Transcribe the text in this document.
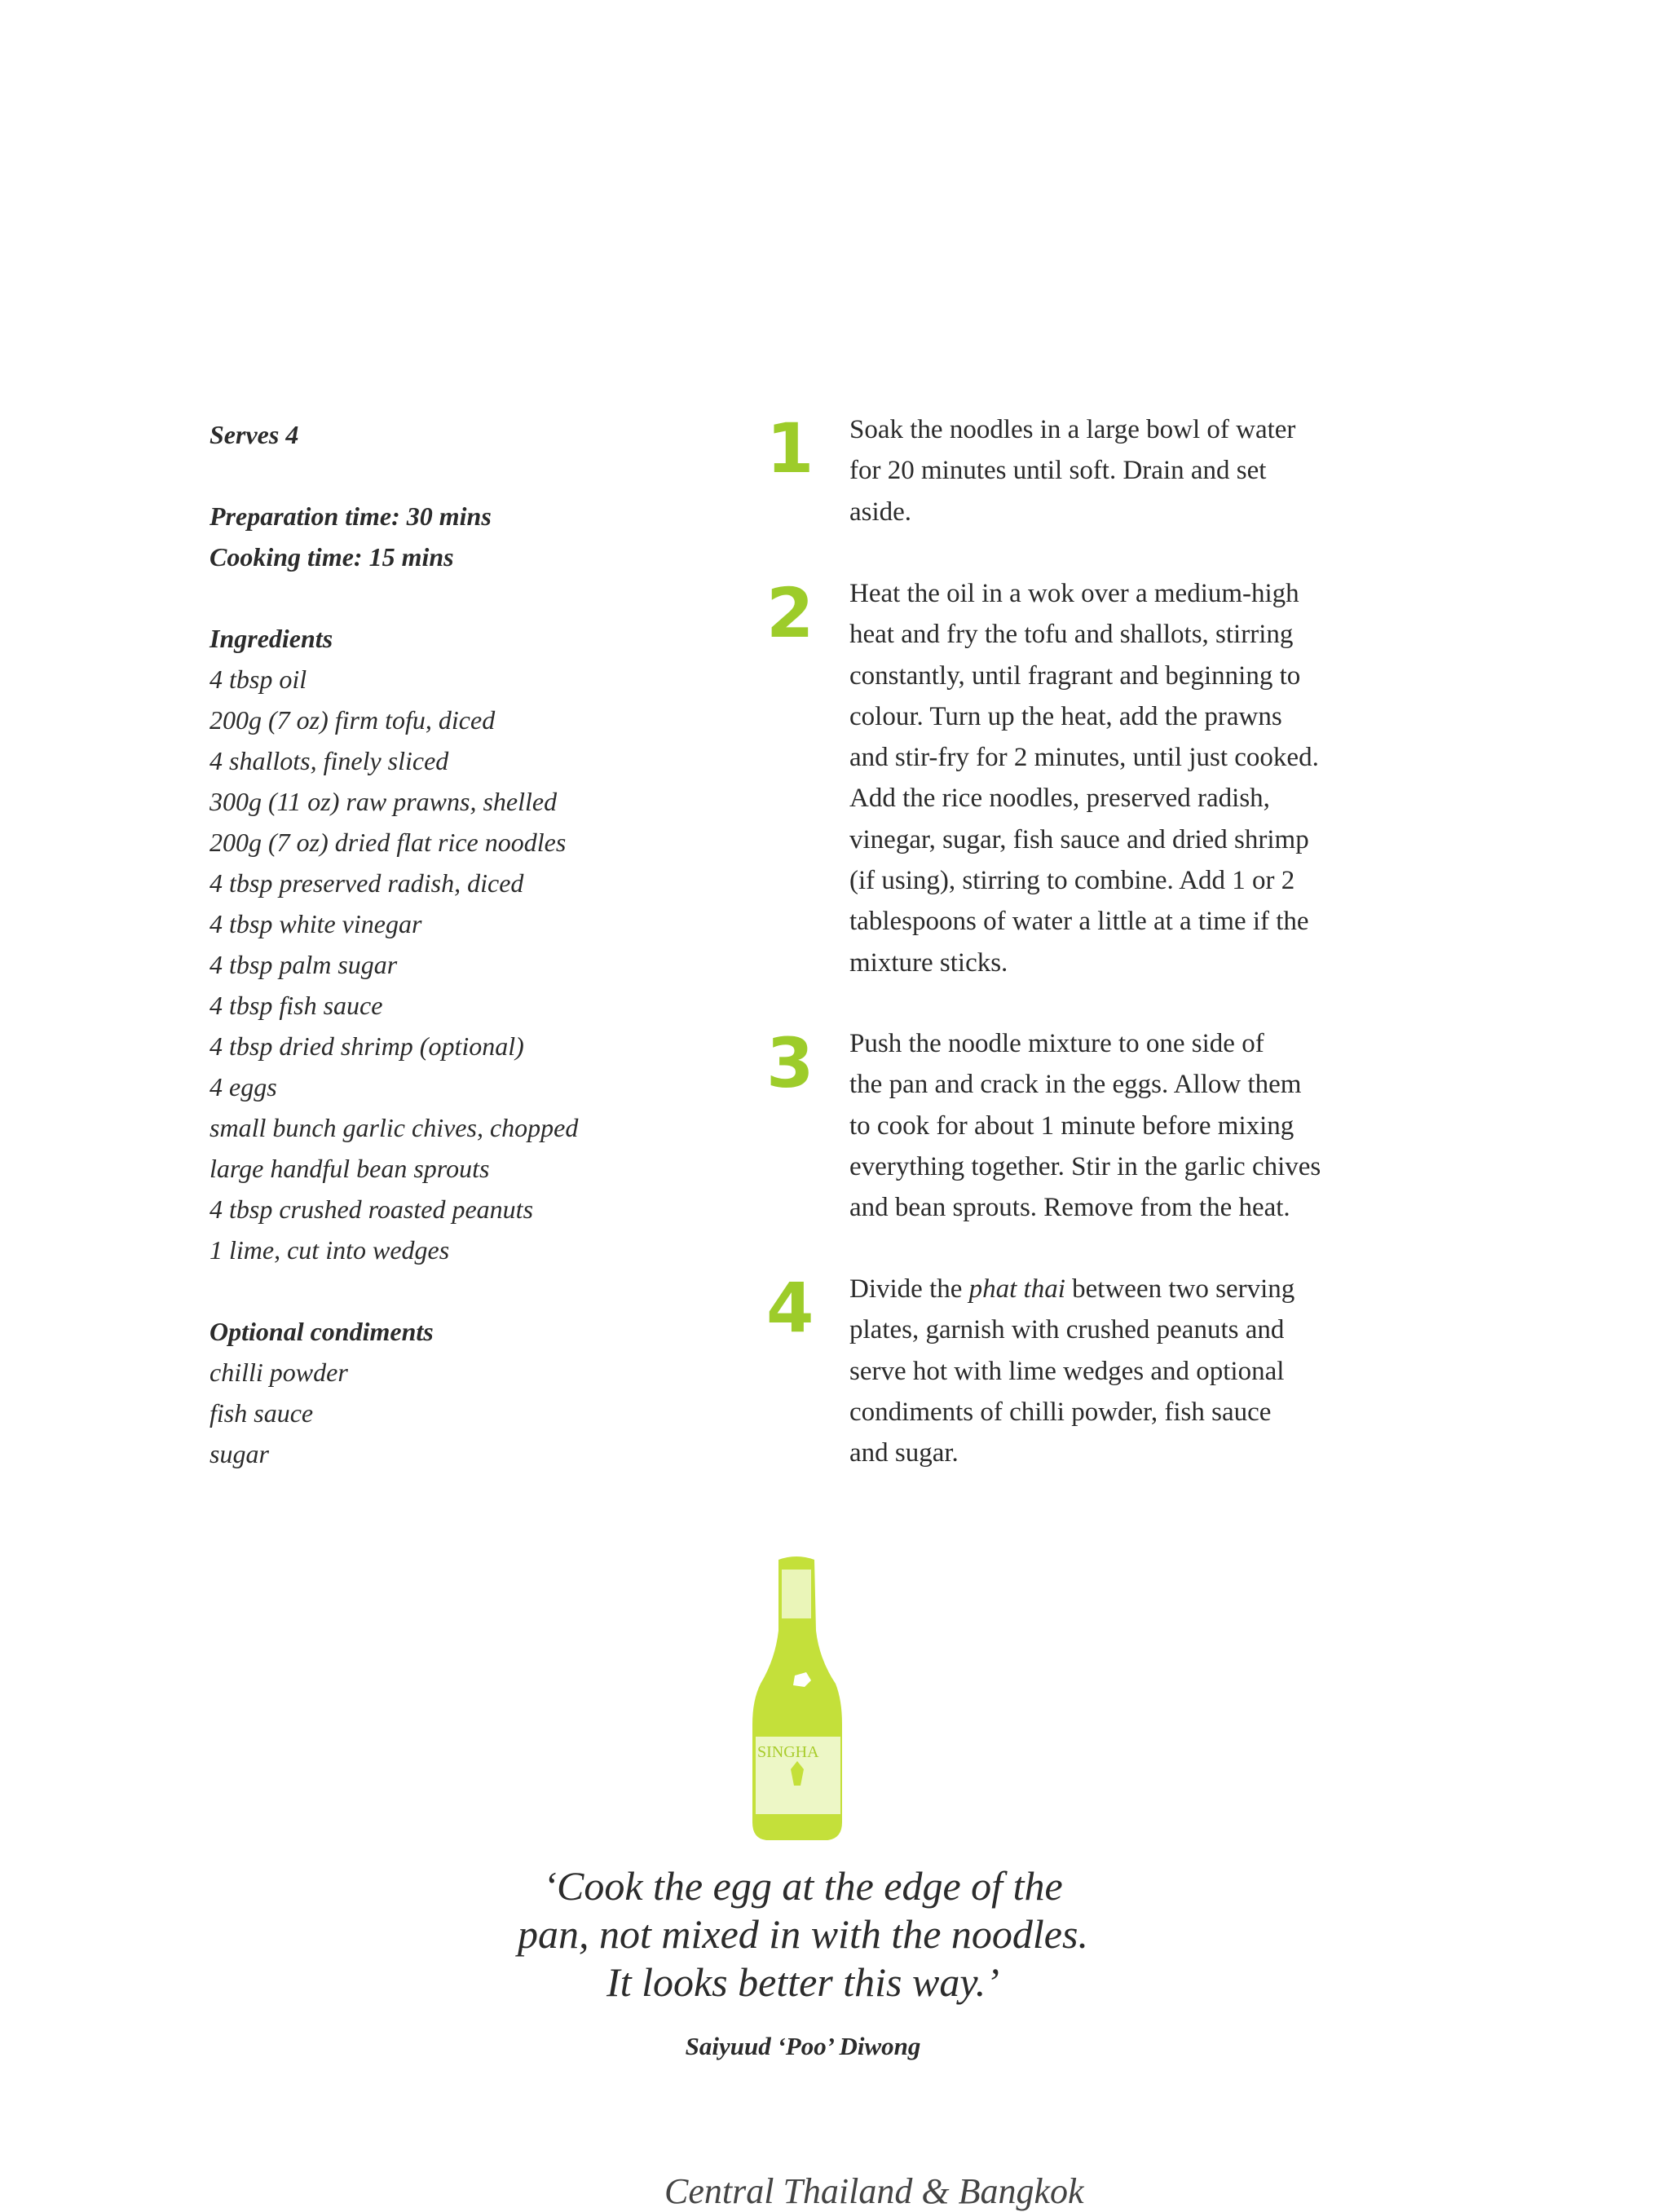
Serves 4
Preparation time: 30 mins
Cooking time: 15 mins
Ingredients
4 tbsp oil
200g (7 oz) firm tofu, diced
4 shallots, finely sliced
300g (11 oz) raw prawns, shelled
200g (7 oz) dried flat rice noodles
4 tbsp preserved radish, diced
4 tbsp white vinegar
4 tbsp palm sugar
4 tbsp fish sauce
4 tbsp dried shrimp (optional)
4 eggs
small bunch garlic chives, chopped
large handful bean sprouts
4 tbsp crushed roasted peanuts
1 lime, cut into wedges
Optional condiments
chilli powder
fish sauce
sugar
1 Soak the noodles in a large bowl of water
for 20 minutes until soft. Drain and set
aside.
2 Heat the oil in a wok over a medium-high
heat and fry the tofu and shallots, stirring
constantly, until fragrant and beginning to
colour. Turn up the heat, add the prawns
and stir-fry for 2 minutes, until just cooked.
Add the rice noodles, preserved radish,
vinegar, sugar, fish sauce and dried shrimp
(if using), stirring to combine. Add 1 or 2
tablespoons of water a little at a time if the
mixture sticks.
3 Push the noodle mixture to one side of
the pan and crack in the eggs. Allow them
to cook for about 1 minute before mixing
everything together. Stir in the garlic chives
and bean sprouts. Remove from the heat.
4 Divide the phat thai between two serving
plates, garnish with crushed peanuts and
serve hot with lime wedges and optional
condiments of chilli powder, fish sauce
and sugar.
SINGHA
‘Cook the egg at the edge of the
pan, not mixed in with the noodles.
It looks better this way.’
Saiyuud ‘Poo’ Diwong
Central Thailand & Bangkok
